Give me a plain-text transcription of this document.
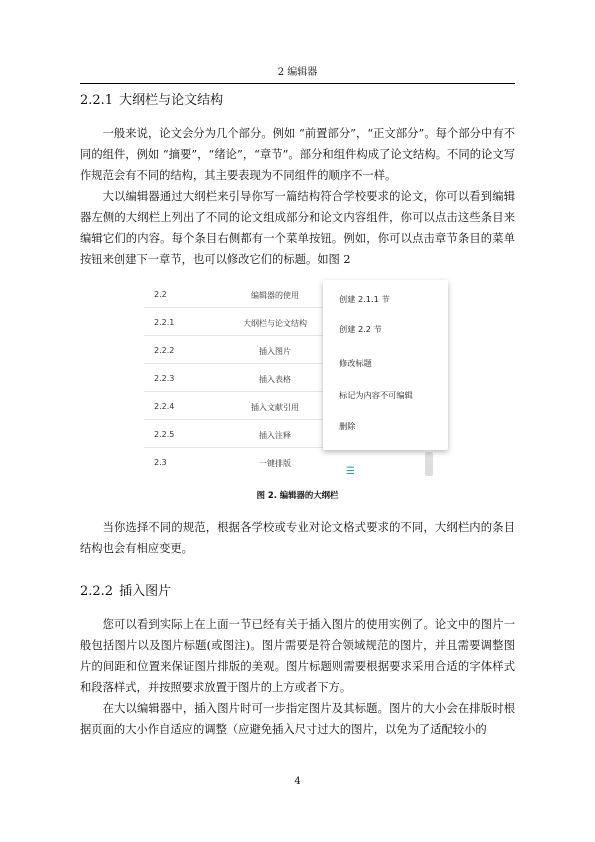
2 编辑器
2.2.1 大纲栏与论文结构

一般来说，论文会分为几个部分。例如 “前置部分”，“正文部分”。每个部分中有不同的组件，例如 “摘要”，“绪论”，“章节”。部分和组件构成了论文结构。不同的论文写作规范会有不同的结构，其主要表现为不同组件的顺序不一样。

大以编辑器通过大纲栏来引导你写一篇结构符合学校要求的论文，你可以看到编辑器左侧的大纲栏上列出了不同的论文组成部分和论文内容组件，你可以点击这些条目来编辑它们的内容。每个条目右侧都有一个菜单按钮。例如，你可以点击章节条目的菜单按钮来创建下一章节，也可以修改它们的标题。如图 2

2.2	编辑器的使用
2.2.1	大纲栏与论文结构
2.2.2	插入图片
2.2.3	插入表格
2.2.4	插入文献引用
2.2.5	插入注释
2.3	一键排版
☰
创建 2.1.1 节
创建 2.2 节
修改标题
标记为内容不可编辑
删除
图 2. 编辑器的大纲栏

当你选择不同的规范，根据各学校或专业对论文格式要求的不同，大纲栏内的条目结构也会有相应变更。

2.2.2 插入图片

您可以看到实际上在上面一节已经有关于插入图片的使用实例了。论文中的图片一般包括图片以及图片标题(或图注)。图片需要是符合领域规范的图片，并且需要调整图片的间距和位置来保证图片排版的美观。图片标题则需要根据要求采用合适的字体样式和段落样式，并按照要求放置于图片的上方或者下方。

在大以编辑器中，插入图片时可一步指定图片及其标题。图片的大小会在排版时根据页面的大小作自适应的调整（应避免插入尺寸过大的图片，以免为了适配较小的

4
